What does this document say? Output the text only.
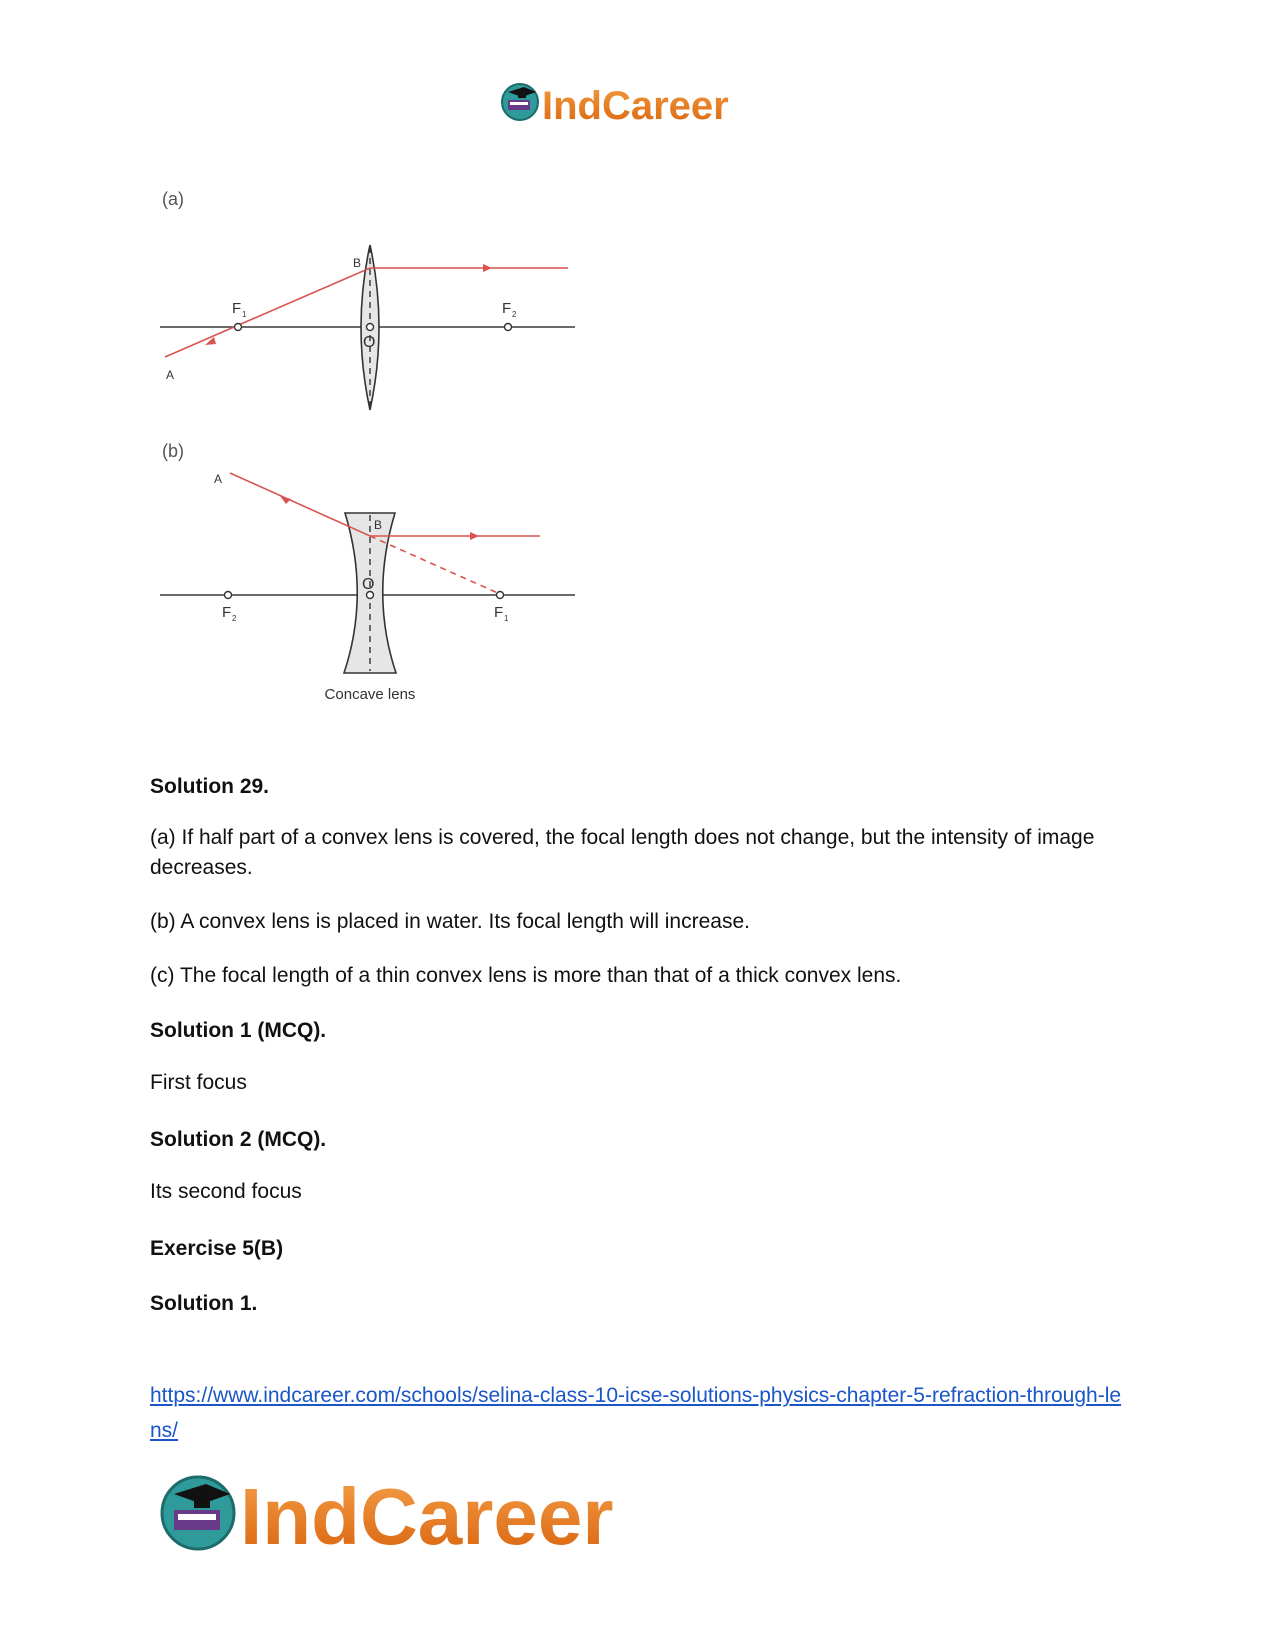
IndCareer
(a)
B
F 1	F 2
O
A
(b)
A
B
O
F 2	F 1
Concave lens

Solution 29.

(a) If half part of a convex lens is covered, the focal length does not change, but the intensity of image decreases.

(b) A convex lens is placed in water. Its focal length will increase.

(c) The focal length of a thin convex lens is more than that of a thick convex lens.

Solution 1 (MCQ).

First focus

Solution 2 (MCQ).

Its second focus

Exercise 5(B)

Solution 1.

https://www.indcareer.com/schools/selina-class-10-icse-solutions-physics-chapter-5-refraction-through-lens/
IndCareer
